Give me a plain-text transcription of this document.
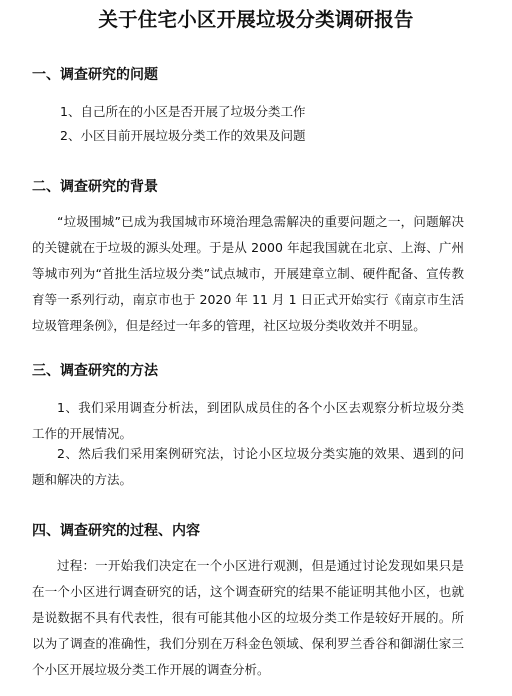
关于住宅小区开展垃圾分类调研报告
一、调查研究的问题
1、自己所在的小区是否开展了垃圾分类工作
2、小区目前开展垃圾分类工作的效果及问题
二、调查研究的背景

“垃圾围城”已成为我国城市环境治理急需解决的重要问题之一，问题解决的关键就在于垃圾的源头处理。于是从 2000 年起我国就在北京、上海、广州等城市列为“首批生活垃圾分类”试点城市，开展建章立制、硬件配备、宣传教育等一系列行动，南京市也于 2020 年 11 月 1 日正式开始实行《南京市生活垃圾管理条例》，但是经过一年多的管理，社区垃圾分类收效并不明显。

三、调查研究的方法

1、我们采用调查分析法，到团队成员住的各个小区去观察分析垃圾分类工作的开展情况。

2、然后我们采用案例研究法，讨论小区垃圾分类实施的效果、遇到的问题和解决的方法。

四、调查研究的过程、内容

过程：一开始我们决定在一个小区进行观测，但是通过讨论发现如果只是在一个小区进行调查研究的话，这个调查研究的结果不能证明其他小区，也就是说数据不具有代表性，很有可能其他小区的垃圾分类工作是较好开展的。所以为了调查的准确性，我们分别在万科金色领域、保利罗兰香谷和御湖仕家三个小区开展垃圾分类工作开展的调查分析。
